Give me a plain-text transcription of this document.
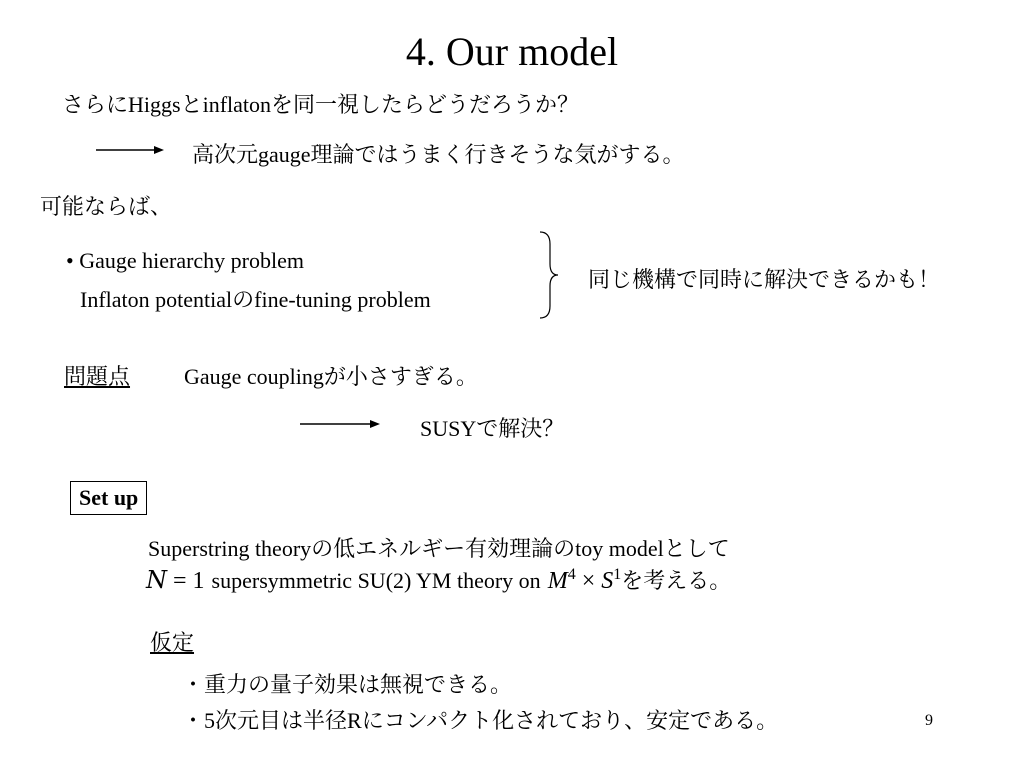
4. Our model
さらにHiggsとinflatonを同一視したらどうだろうか？
高次元gauge理論ではうまく行きそうな気がする。
可能ならば、
• Gauge hierarchy problem
Inflaton potentialのfine-tuning problem
同じ機構で同時に解決できるかも！
問題点 Gauge couplingが小さすぎる。
SUSYで解決？
Set up
Superstring theoryの低エネルギー有効理論のtoy modelとして
N = 1 supersymmetric SU(2) YM theory on $M^4 \times S^1$を考える。
仮定
・重力の量子効果は無視できる。
・5次元目は半径Rにコンパクト化されており、安定である。	9
